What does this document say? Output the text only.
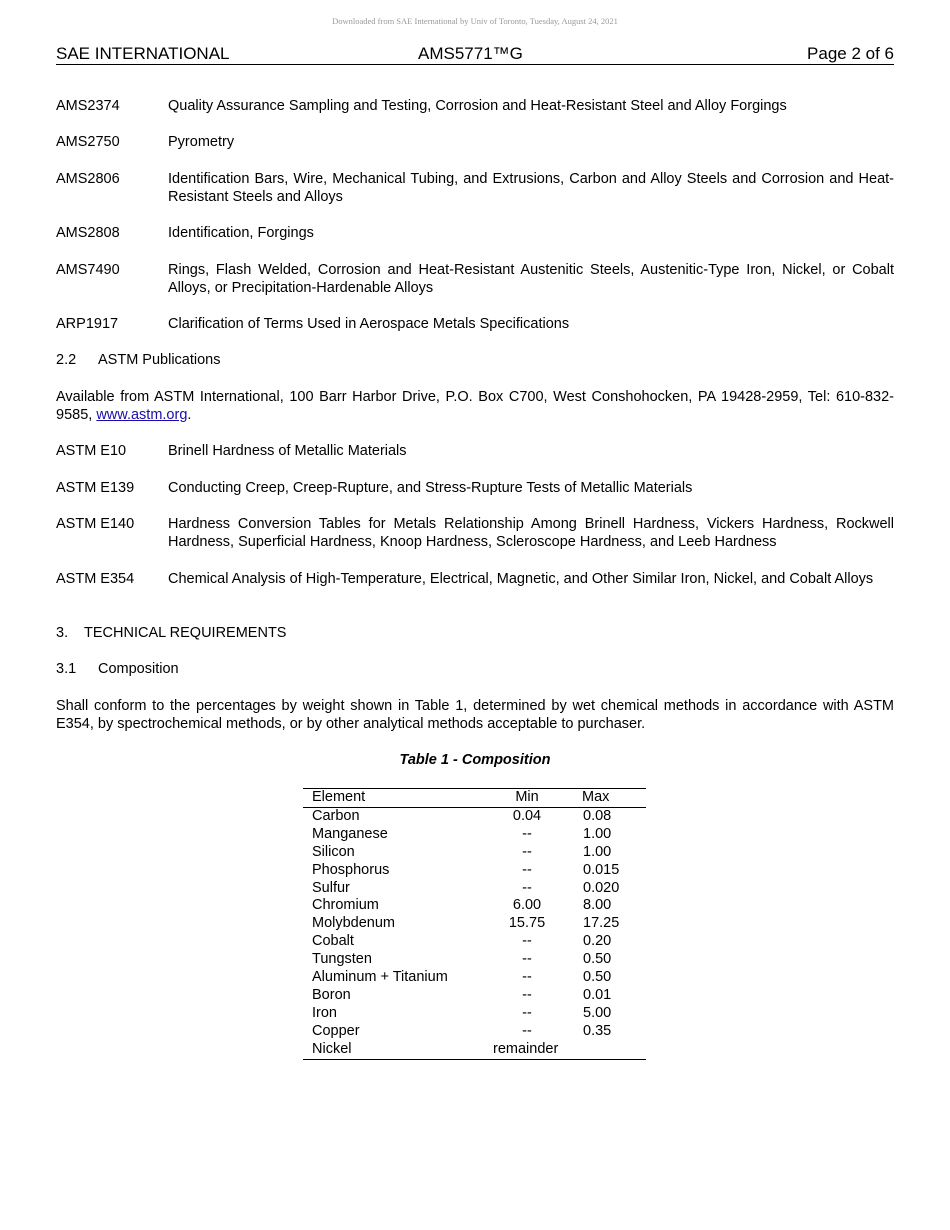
Downloaded from SAE International by Univ of Toronto, Tuesday, August 24, 2021
SAE INTERNATIONAL	AMS5771™G	Page 2 of 6
AMS2374	Quality Assurance Sampling and Testing, Corrosion and Heat-Resistant Steel and Alloy Forgings
AMS2750	Pyrometry
AMS2806	Identification Bars, Wire, Mechanical Tubing, and Extrusions, Carbon and Alloy Steels and Corrosion and Heat-Resistant Steels and Alloys
AMS2808	Identification, Forgings
AMS7490	Rings, Flash Welded, Corrosion and Heat-Resistant Austenitic Steels, Austenitic-Type Iron, Nickel, or Cobalt Alloys, or Precipitation-Hardenable Alloys
ARP1917	Clarification of Terms Used in Aerospace Metals Specifications
2.2 ASTM Publications
Available from ASTM International, 100 Barr Harbor Drive, P.O. Box C700, West Conshohocken, PA 19428-2959, Tel: 610-832-9585, www.astm.org.
ASTM E10	Brinell Hardness of Metallic Materials
ASTM E139 Conducting Creep, Creep-Rupture, and Stress-Rupture Tests of Metallic Materials
ASTM E140 Hardness Conversion Tables for Metals Relationship Among Brinell Hardness, Vickers Hardness, Rockwell Hardness, Superficial Hardness, Knoop Hardness, Scleroscope Hardness, and Leeb Hardness
ASTM E354 Chemical Analysis of High-Temperature, Electrical, Magnetic, and Other Similar Iron, Nickel, and Cobalt Alloys
3. TECHNICAL REQUIREMENTS
3.1 Composition
Shall conform to the percentages by weight shown in Table 1, determined by wet chemical methods in accordance with ASTM E354, by spectrochemical methods, or by other analytical methods acceptable to purchaser.
Table 1 - Composition
Element	Min	Max
Carbon	0.04	0.08
Manganese	--	1.00
Silicon	--	1.00
Phosphorus	--	0.015
Sulfur	--	0.020
Chromium	6.00	8.00
Molybdenum	15.75	17.25
Cobalt	--	0.20
Tungsten	--	0.50
Aluminum + Titanium	--	0.50
Boron	--	0.01
Iron	--	5.00
Copper	--	0.35
Nickel	remainder	
